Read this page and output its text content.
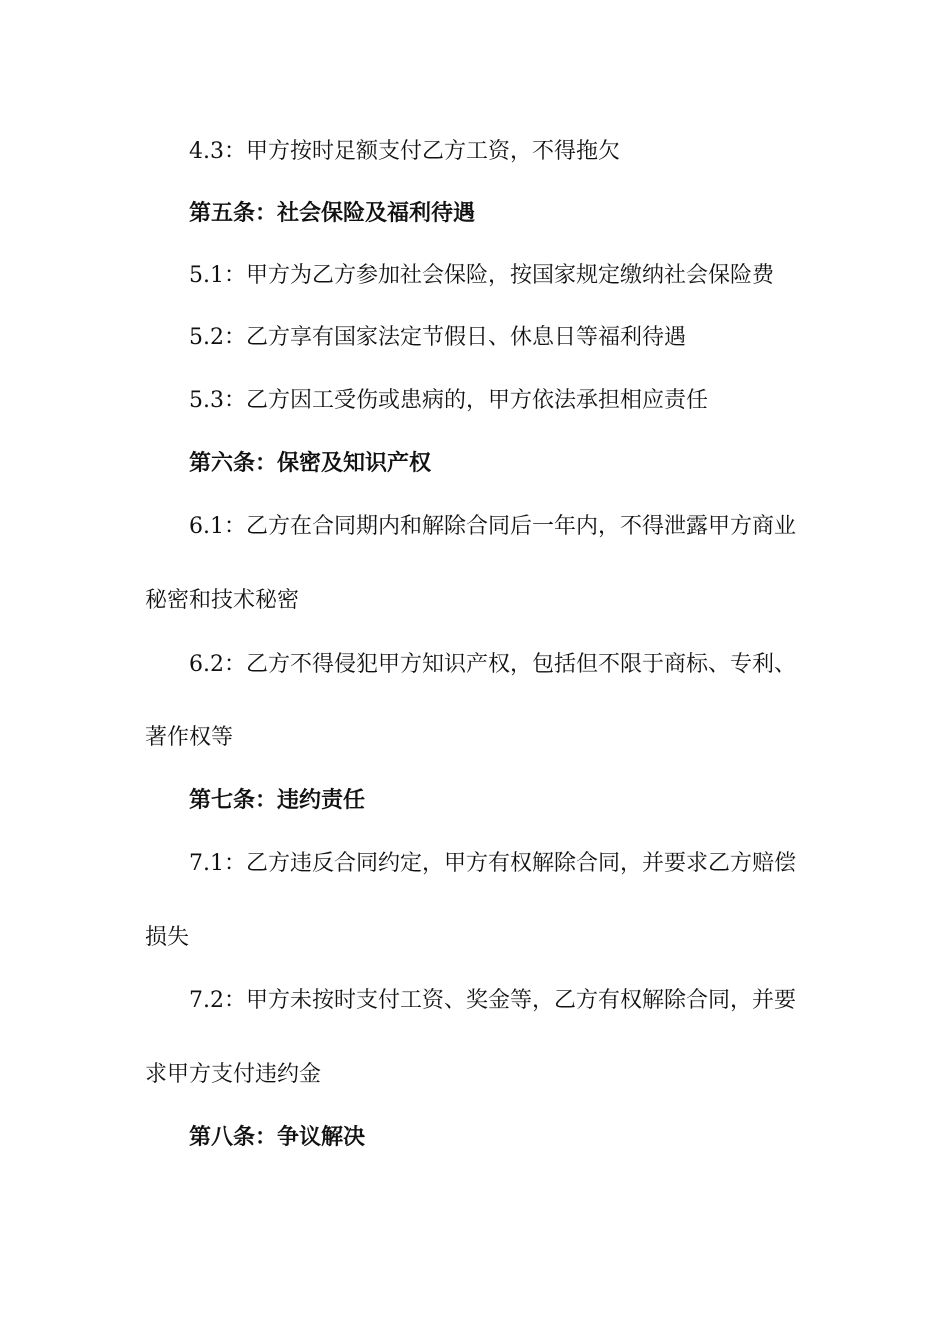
4.3：甲方按时足额支付乙方工资，不得拖欠
第五条：社会保险及福利待遇
5.1：甲方为乙方参加社会保险，按国家规定缴纳社会保险费
5.2：乙方享有国家法定节假日、休息日等福利待遇
5.3：乙方因工受伤或患病的，甲方依法承担相应责任
第六条：保密及知识产权
6.1：乙方在合同期内和解除合同后一年内，不得泄露甲方商业
秘密和技术秘密
6.2：乙方不得侵犯甲方知识产权，包括但不限于商标、专利、
著作权等
第七条：违约责任
7.1：乙方违反合同约定，甲方有权解除合同，并要求乙方赔偿
损失
7.2：甲方未按时支付工资、奖金等，乙方有权解除合同，并要
求甲方支付违约金
第八条：争议解决
